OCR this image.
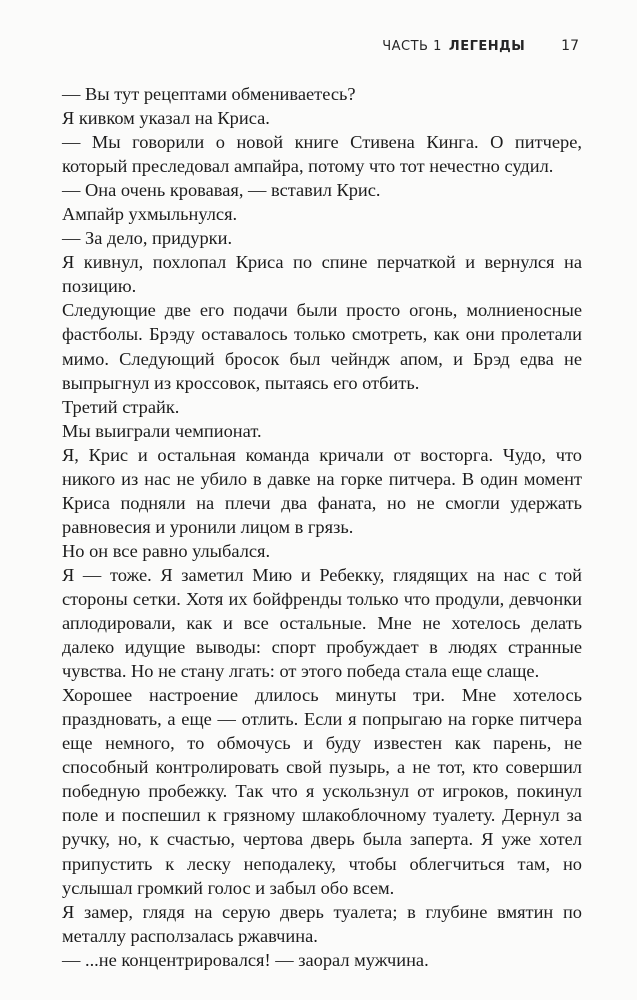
ЧАСТЬ 1 ЛЕГЕНДЫ	17

— Вы тут рецептами обмениваетесь?

Я кивком указал на Криса.

— Мы говорили о новой книге Стивена Кинга. О питчере, который преследовал ампайра, потому что тот нечестно судил.

— Она очень кровавая, — вставил Крис.

Ампайр ухмыльнулся.

— За дело, придурки.

Я кивнул, похлопал Криса по спине перчаткой и вернулся на позицию.

Следующие две его подачи были просто огонь, молниеносные фастболы. Брэду оставалось только смотреть, как они пролетали мимо. Следующий бросок был чейндж апом, и Брэд едва не выпрыгнул из кроссовок, пытаясь его отбить.

Третий страйк.

Мы выиграли чемпионат.

Я, Крис и остальная команда кричали от восторга. Чудо, что никого из нас не убило в давке на горке питчера. В один момент Криса подняли на плечи два фаната, но не смогли удержать равновесия и уронили лицом в грязь.

Но он все равно улыбался.

Я — тоже. Я заметил Мию и Ребекку, глядящих на нас с той стороны сетки. Хотя их бойфренды только что продули, девчонки аплодировали, как и все остальные. Мне не хотелось делать далеко идущие выводы: спорт пробуждает в людях странные чувства. Но не стану лгать: от этого победа стала еще слаще.

Хорошее настроение длилось минуты три. Мне хотелось праздновать, а еще — отлить. Если я попрыгаю на горке питчера еще немного, то обмочусь и буду известен как парень, не способный контролировать свой пузырь, а не тот, кто совершил победную пробежку. Так что я ускользнул от игроков, покинул поле и поспешил к грязному шлакоблочному туалету. Дернул за ручку, но, к счастью, чертова дверь была заперта. Я уже хотел припустить к леску неподалеку, чтобы облегчиться там, но услышал громкий голос и забыл обо всем.

Я замер, глядя на серую дверь туалета; в глубине вмятин по металлу расползалась ржавчина.

— ...не концентрировался! — заорал мужчина.
